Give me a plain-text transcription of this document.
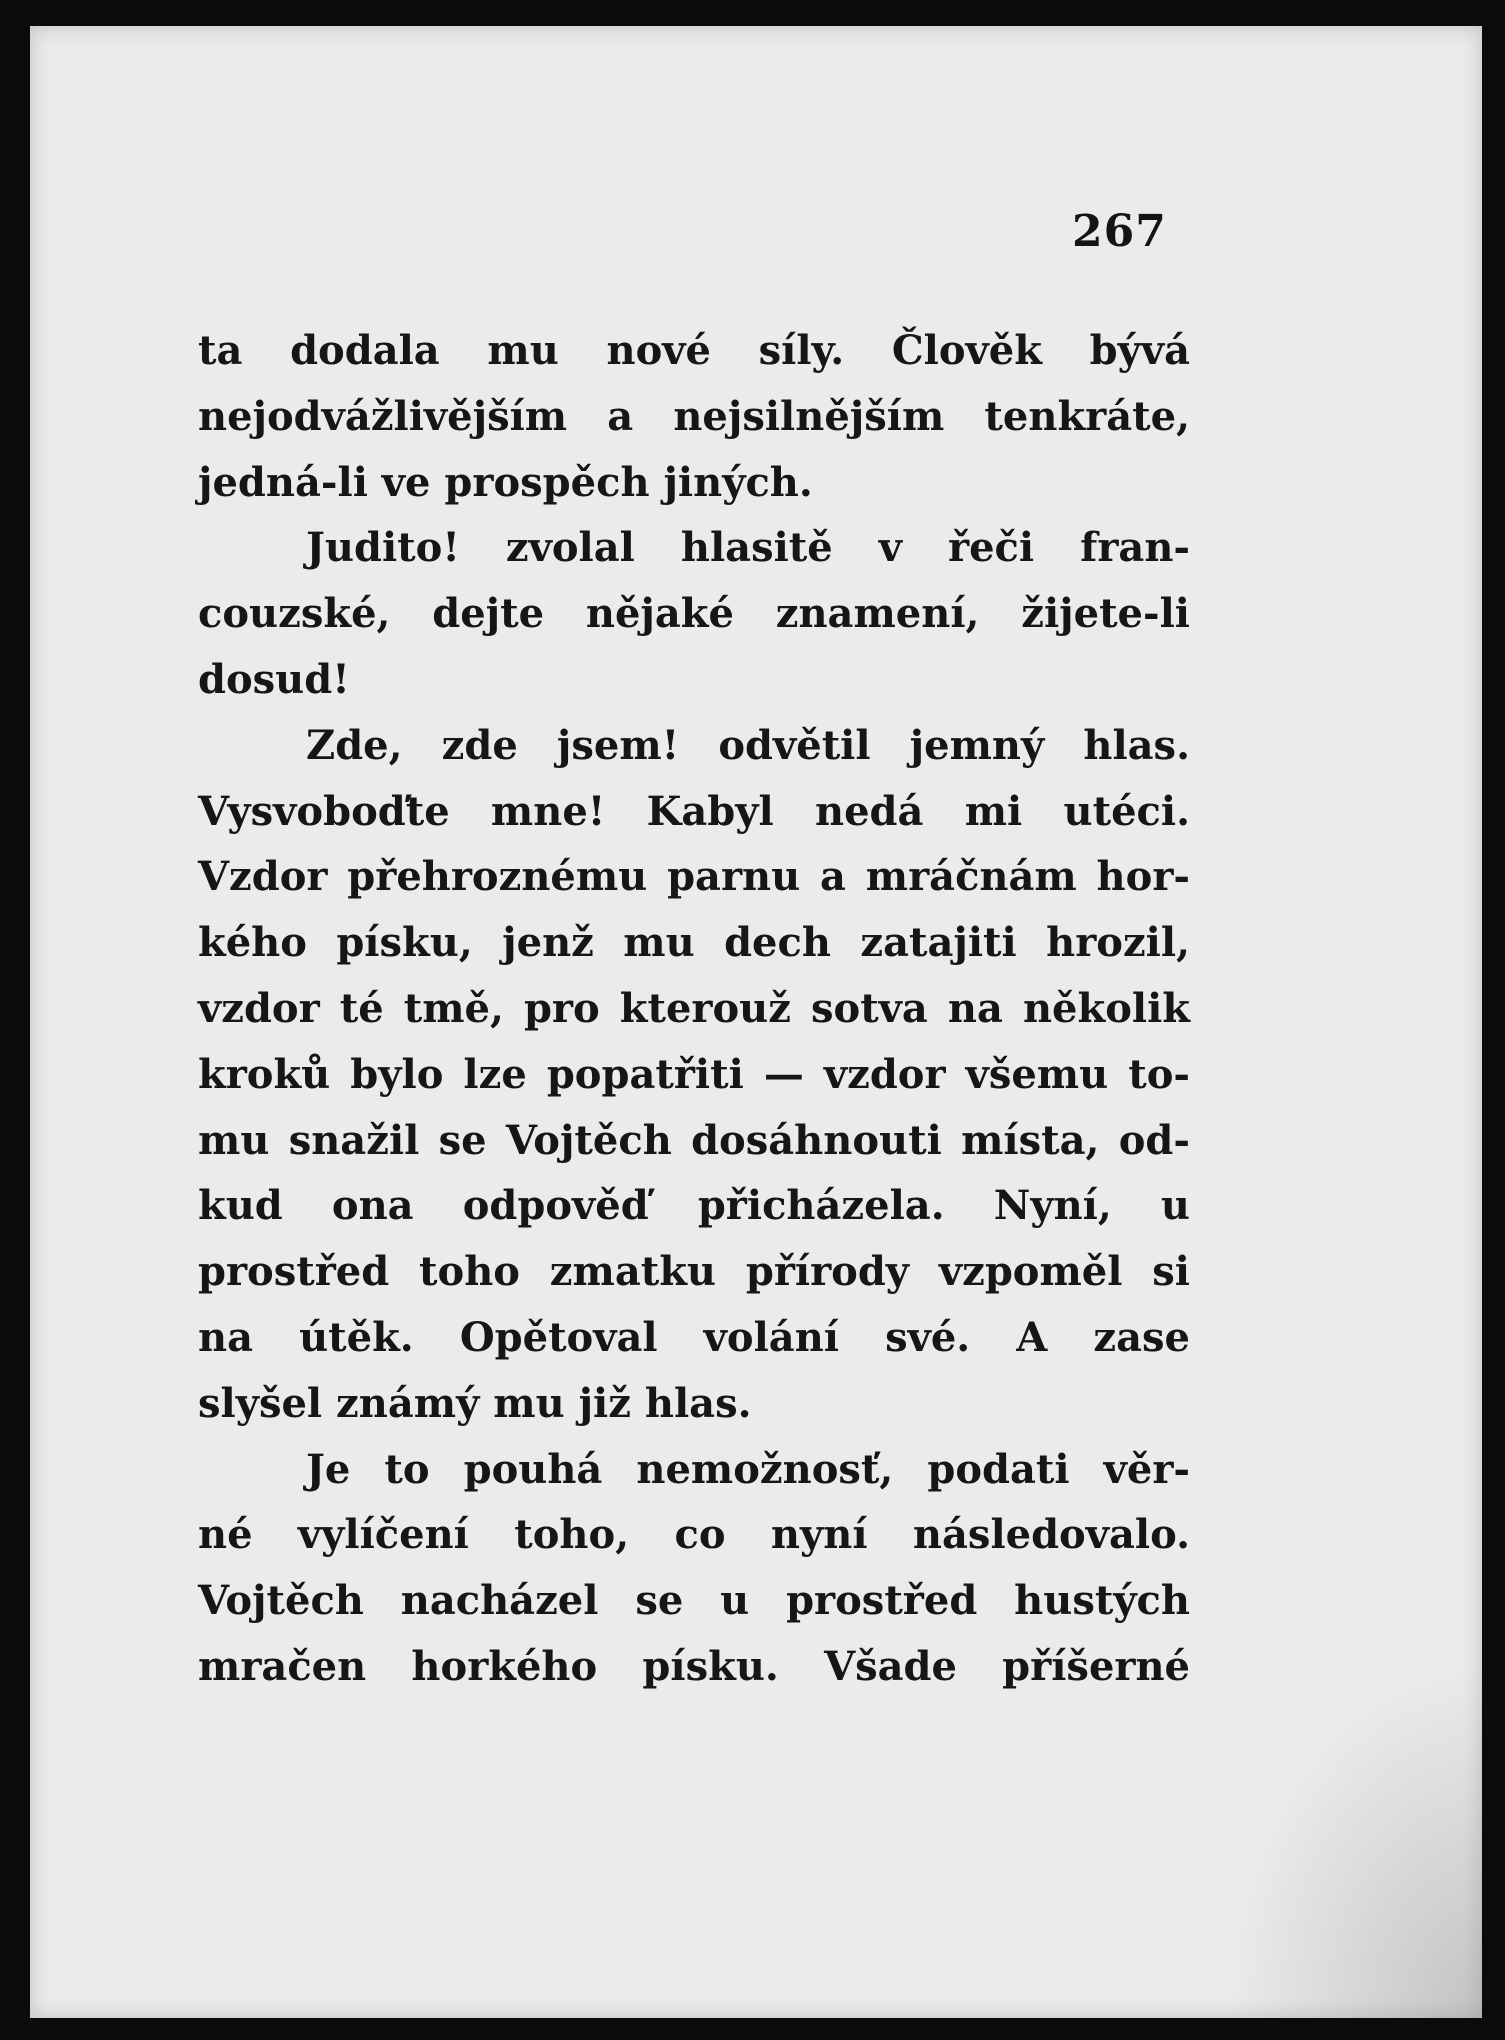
267
ta dodala mu nové síly. Člověk bývá
nejodvážlivějším a nejsilnějším tenkráte,
jedná-li ve prospěch jiných.
Judito! zvolal hlasitě v řeči fran-
couzské, dejte nějaké znamení, žijete-li
dosud!
Zde, zde jsem! odvětil jemný hlas.
Vysvoboďte mne! Kabyl nedá mi utéci.
Vzdor přehroznému parnu a mráčnám hor-
kého písku, jenž mu dech zatajiti hrozil,
vzdor té tmě, pro kterouž sotva na několik
kroků bylo lze popatřiti — vzdor všemu to-
mu snažil se Vojtěch dosáhnouti místa, od-
kud ona odpověď přicházela. Nyní, u
prostřed toho zmatku přírody vzpoměl si
na útěk. Opětoval volání své. A zase
slyšel známý mu již hlas.
Je to pouhá nemožnosť, podati věr-
né vylíčení toho, co nyní následovalo.
Vojtěch nacházel se u prostřed hustých
mračen horkého písku. Všade příšerné
